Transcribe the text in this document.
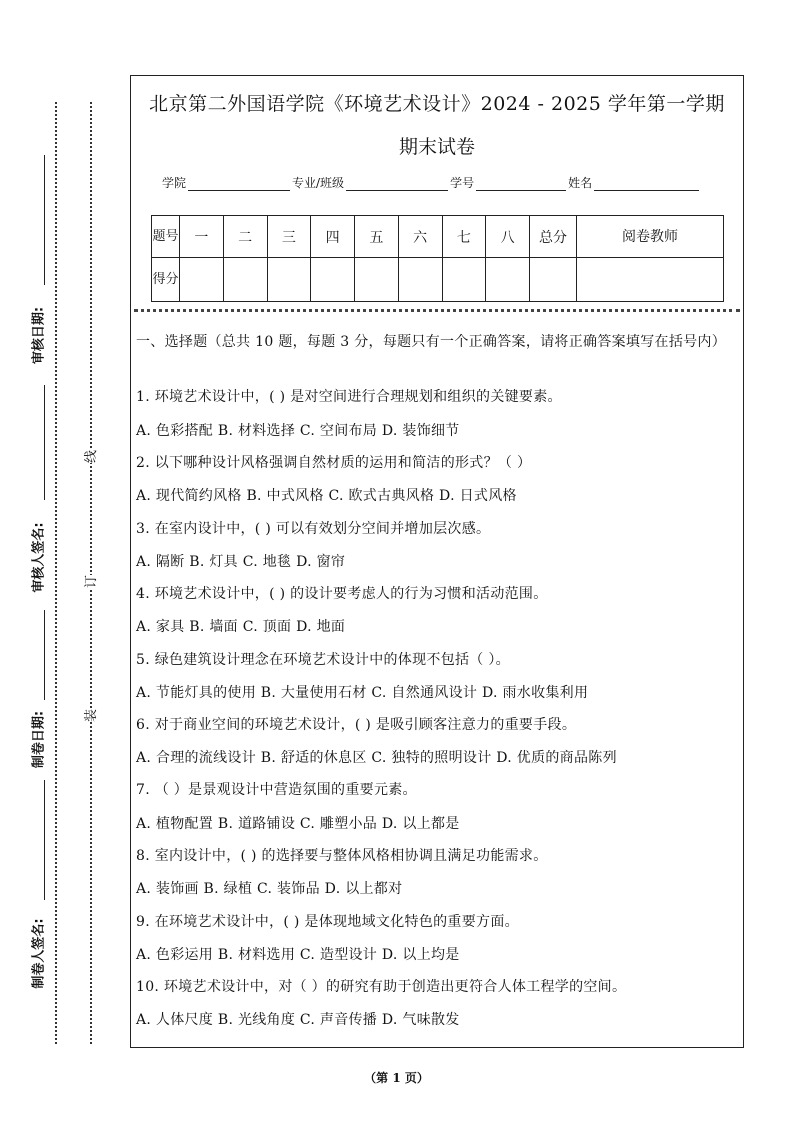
审核日期:
审核人签名:
制卷日期:
制卷人签名:
线
订
装
北京第二外国语学院《环境艺术设计》2024 - 2025 学年第一学期
期末试卷
学院	专业/班级	学号	姓名
题号	一	二	三	四	五	六	七	八	总分	阅卷教师
得分										
一、选择题（总共 10 题，每题 3 分，每题只有一个正确答案，请将正确答案填写在括号内）
1. 环境艺术设计中，( ) 是对空间进行合理规划和组织的关键要素。
A. 色彩搭配 B. 材料选择 C. 空间布局 D. 装饰细节
2. 以下哪种设计风格强调自然材质的运用和简洁的形式？（ ）
A. 现代简约风格 B. 中式风格 C. 欧式古典风格 D. 日式风格
3. 在室内设计中，( ) 可以有效划分空间并增加层次感。
A. 隔断 B. 灯具 C. 地毯 D. 窗帘
4. 环境艺术设计中，( ) 的设计要考虑人的行为习惯和活动范围。
A. 家具 B. 墙面 C. 顶面 D. 地面
5. 绿色建筑设计理念在环境艺术设计中的体现不包括（ ）。
A. 节能灯具的使用 B. 大量使用石材 C. 自然通风设计 D. 雨水收集利用
6. 对于商业空间的环境艺术设计，( ) 是吸引顾客注意力的重要手段。
A. 合理的流线设计 B. 舒适的休息区 C. 独特的照明设计 D. 优质的商品陈列
7. （ ）是景观设计中营造氛围的重要元素。
A. 植物配置 B. 道路铺设 C. 雕塑小品 D. 以上都是
8. 室内设计中，( ) 的选择要与整体风格相协调且满足功能需求。
A. 装饰画 B. 绿植 C. 装饰品 D. 以上都对
9. 在环境艺术设计中，( ) 是体现地域文化特色的重要方面。
A. 色彩运用 B. 材料选用 C. 造型设计 D. 以上均是
10. 环境艺术设计中，对（ ）的研究有助于创造出更符合人体工程学的空间。
A. 人体尺度 B. 光线角度 C. 声音传播 D. 气味散发
（第 1 页）
